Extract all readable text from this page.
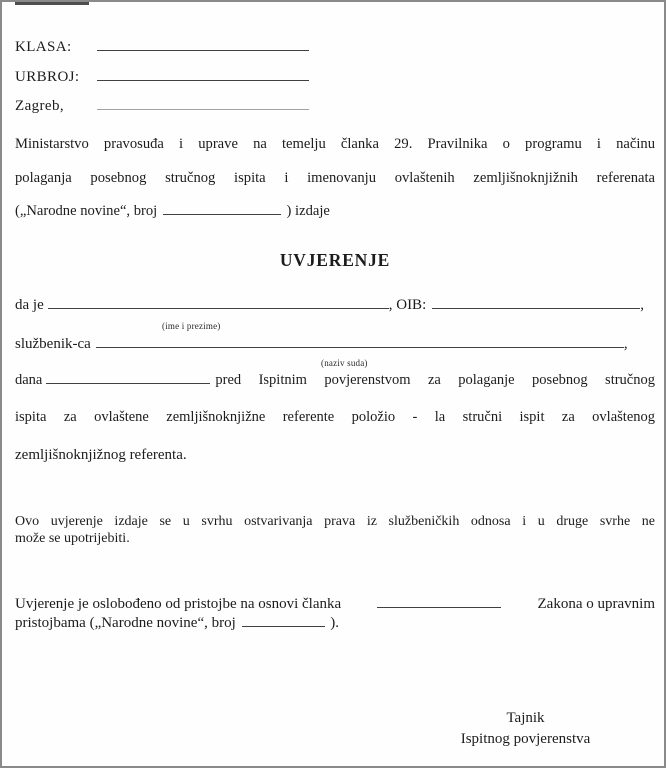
KLASA:
URBROJ:
Zagreb,
Ministarstvo pravosuđa i uprave na temelju članka 29. Pravilnika o programu i načinu
polaganja posebnog stručnog ispita i imenovanju ovlaštenih zemljišnoknjižnih referenata
(„Narodne novine“, broj	) izdaje
UVJERENJE
da je	, OIB:	,
(ime i prezime)
službenik-ca	,
(naziv suda)
dana	pred Ispitnim povjerenstvom za polaganje posebnog stručnog
ispita za ovlaštene zemljišnoknjižne referente položio - la stručni ispit za ovlaštenog
zemljišnoknjižnog referenta.
Ovo uvjerenje izdaje se u svrhu ostvarivanja prava iz službeničkih odnosa i u druge svrhe ne
može se upotrijebiti.
Uvjerenje je oslobođeno od pristojbe na osnovi članka	Zakona o upravnim
pristojbama („Narodne novine“, broj	).
Tajnik
Ispitnog povjerenstva
